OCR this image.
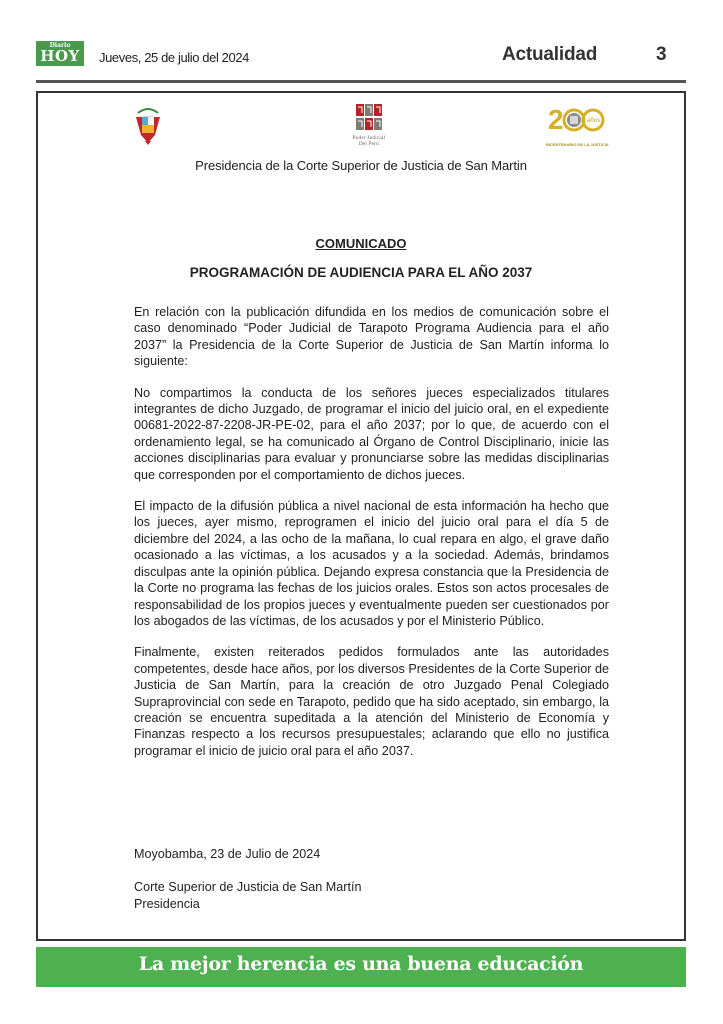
Diario
HOY	Jueves, 25 de julio del 2024	Actualidad	3
Poder Judicial
Del Perú
2	años
BICENTENARIO DE LA JUSTICIA
Presidencia de la Corte Superior de Justicia de San Martin
COMUNICADO
PROGRAMACIÓN DE AUDIENCIA PARA EL AÑO 2037

En relación con la publicación difundida en los medios de comunicación sobre el caso denominado “Poder Judicial de Tarapoto Programa Audiencia para el año 2037” la Presidencia de la Corte Superior de Justicia de San Martín informa lo siguiente:

No compartimos la conducta de los señores jueces especializados titulares integrantes de dicho Juzgado, de programar el inicio del juicio oral, en el expediente 00681-2022-87-2208-JR-PE-02, para el año 2037; por lo que, de acuerdo con el ordenamiento legal, se ha comunicado al Órgano de Control Disciplinario, inicie las acciones disciplinarias para evaluar y pronunciarse sobre las medidas disciplinarias que corresponden por el comportamiento de dichos jueces.

El impacto de la difusión pública a nivel nacional de esta información ha hecho que los jueces, ayer mismo, reprogramen el inicio del juicio oral para el día 5 de diciembre del 2024, a las ocho de la mañana, lo cual repara en algo, el grave daño ocasionado a las víctimas, a los acusados y a la sociedad. Además, brindamos disculpas ante la opinión pública. Dejando expresa constancia que la Presidencia de la Corte no programa las fechas de los juicios orales. Estos son actos procesales de responsabilidad de los propios jueces y eventualmente pueden ser cuestionados por los abogados de las víctimas, de los acusados y por el Ministerio Público.

Finalmente, existen reiterados pedidos formulados ante las autoridades competentes, desde hace años, por los diversos Presidentes de la Corte Superior de Justicia de San Martín, para la creación de otro Juzgado Penal Colegiado Supraprovincial con sede en Tarapoto, pedido que ha sido aceptado, sin embargo, la creación se encuentra supeditada a la atención del Ministerio de Economía y Finanzas respecto a los recursos presupuestales; aclarando que ello no justifica programar el inicio de juicio oral para el año 2037.

Moyobamba, 23 de Julio de 2024
Corte Superior de Justicia de San Martín
Presidencia
La mejor herencia es una buena educación
